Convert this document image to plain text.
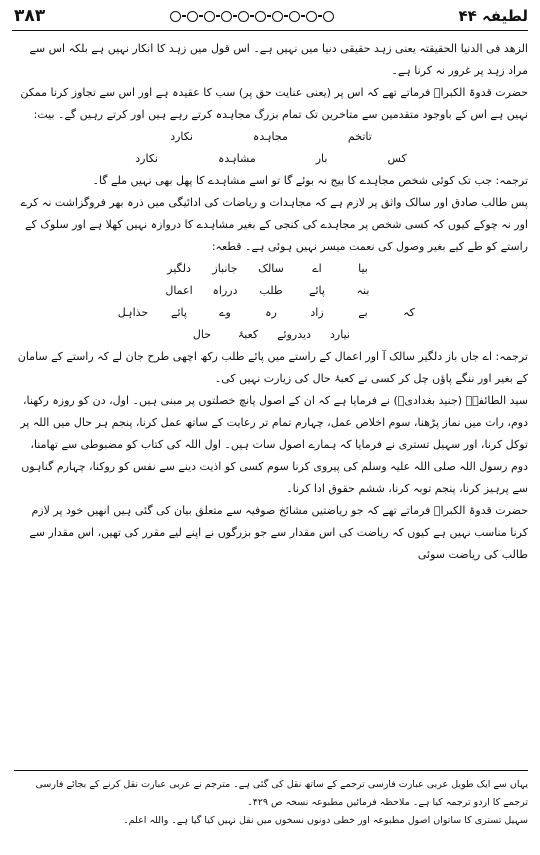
۳۸۳	لطیفہ ۴۴

الزھد فی الدنیا الحقیقتہ یعنی زہد حقیقی دنیا میں نہیں ہے۔ اس قول میں زہد کا انکار نہیں ہے بلکہ اس سے مراد زہد پر غرور نہ کرنا ہے۔

حضرت قدوۃ الکبراؒ فرماتے تھے کہ اس پر (یعنی عنایت حق پر) سب کا عقیدہ ہے اور اس سے تجاوز کرنا ممکن نہیں ہے اس کے باوجود متقدمین سے متاخرین تک تمام بزرگ مجاہدہ کرتے رہے ہیں اور کرتے رہیں گے۔ بیت:

تاتخم
مجاہدہ
نکارد
کس
بار
مشاہدہ
نکارد

ترجمہ: جب تک کوئی شخص مجاہدے کا بیج نہ بوئے گا تو اسے مشاہدے کا پھل بھی نہیں ملے گا۔

پس طالب صادق اور سالک واثق پر لازم ہے کہ مجاہدات و ریاضات کی ادائیگی میں ذرہ بھر فروگزاشت نہ کرے اور نہ چوکے کیوں کہ کسی شخص پر مجاہدے کی کنجی کے بغیر مشاہدے کا دروازہ نہیں کھلا ہے اور سلوک کے راستے کو طے کیے بغیر وصول کی نعمت میسر نہیں ہوئی ہے۔ قطعہ:

بیا
اے
سالک
جانباز
دلگیر
بنہ
پائے
طلب
درراہ
اعمال
کہ
بے
زاد
رہ
وے
پائے
حذاہل
نیارد
دیدروئے
کعبۂ
حال

ترجمہ: اے جاں باز دلگیر سالک آ اور اعمال کے راستے میں پائے طلب رکھ اچھی طرح جان لے کہ راستے کے سامان کے بغیر اور ننگے پاؤں چل کر کسی نے کعبۂ حال کی زیارت نہیں کی۔

سید الطائفہؒ (جنید بغدادیؒ) نے فرمایا ہے کہ ان کے اصول پانچ خصلتوں پر مبنی ہیں۔ اول، دن کو روزہ رکھنا، دوم، رات میں نماز پڑھنا، سوم اخلاص عمل، چہارم تمام تر رعایت کے ساتھ عمل کرنا، پنجم ہر حال میں اللہ پر توکل کرنا، اور سہیل تستری نے فرمایا کہ ہمارے اصول سات ہیں۔ اول اللہ کی کتاب کو مضبوطی سے تھامنا، دوم رسول اللہ صلی اللہ علیہ وسلم کی پیروی کرنا سوم کسی کو اذیت دینے سے نفس کو روکنا، چہارم گناہوں سے پرہیز کرنا، پنجم توبہ کرنا، ششم حقوق ادا کرنا۔

حضرت قدوۃ الکبراؒ فرماتے تھے کہ جو ریاضتیں مشائخ صوفیہ سے متعلق بیان کی گئی ہیں انھیں خود پر لازم کرنا مناسب نہیں ہے کیوں کہ ریاضت کی اس مقدار سے جو بزرگوں نے اپنے لیے مقرر کی تھیں، اس مقدار سے طالب کی ریاضت سوئی

یہاں سے ایک طویل عربی عبارت فارسی ترجمے کے ساتھ نقل کی گئی ہے۔ مترجم نے عربی عبارت نقل کرنے کے بجائے فارسی ترجمے کا اردو ترجمہ کیا ہے۔ ملاحظہ فرمائیں مطبوعہ نسخہ ص ۴۲۹۔

سہیل تستری کا ساتواں اصول مطبوعہ اور خطی دونوں نسخوں میں نقل نہیں کیا گیا ہے۔ واللہ اعلم۔
